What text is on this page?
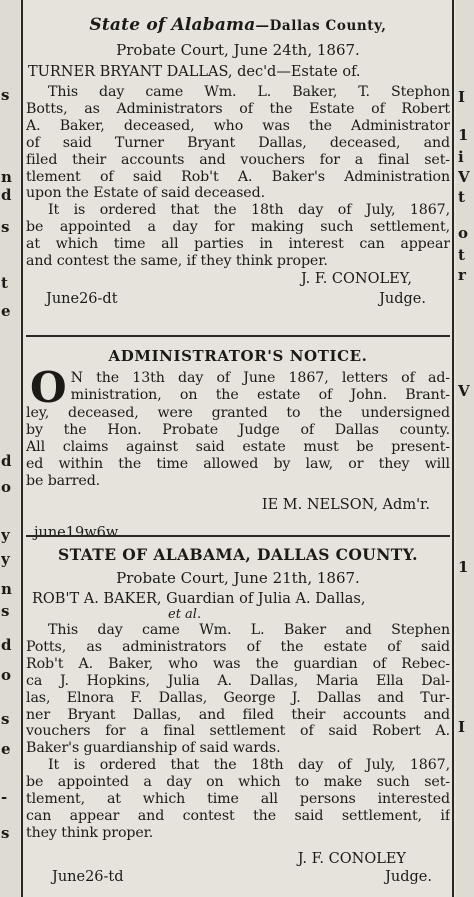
s
n
d
s
t
e
d
o
y
y
n
s
d
o
s
e
-
s
State of Alabama—Dallas County,
Probate Court, June 24th, 1867.
TURNER BRYANT DALLAS, dec'd—Estate of.
This day came Wm. L. Baker, T. Stephon
Botts, as Administrators of the Estate of Robert
A. Baker, deceased, who was the Administrator
of said Turner Bryant Dallas, deceased, and
filed their accounts and vouchers for a final set-
tlement of said Rob't A. Baker's Administration
upon the Estate of said deceased.
It is ordered that the 18th day of July, 1867,
be appointed a day for making such settlement,
at which time all parties in interest can appear
and contest the same, if they think proper.
J. F. CONOLEY,
June26-dt	Judge.
ADMINISTRATOR'S NOTICE.
O N the 13th day of June 1867, letters of ad-
ministration, on the estate of John. Brant-
ley, deceased, were granted to the undersigned
by the Hon. Probate Judge of Dallas county.
All claims against said estate must be present-
ed within the time allowed by law, or they will
be barred.
IE M. NELSON, Adm'r.
june19w6w.
STATE OF ALABAMA, DALLAS COUNTY.
Probate Court, June 21th, 1867.
ROB'T A. BAKER, Guardian of Julia A. Dallas,
et al.
This day came Wm. L. Baker and Stephen
Potts, as administrators of the estate of said
Rob't A. Baker, who was the guardian of Rebec-
ca J. Hopkins, Julia A. Dallas, Maria Ella Dal-
las, Elnora F. Dallas, George J. Dallas and Tur-
ner Bryant Dallas, and filed their accounts and
vouchers for a final settlement of said Robert A.
Baker's guardianship of said wards.
It is ordered that the 18th day of July, 1867,
be appointed a day on which to make such set-
tlement, at which time all persons interested
can appear and contest the said settlement, if
they think proper.
J. F. CONOLEY
June26-td	Judge.
I
1
i
V
t
o
t
r
V
1
I
